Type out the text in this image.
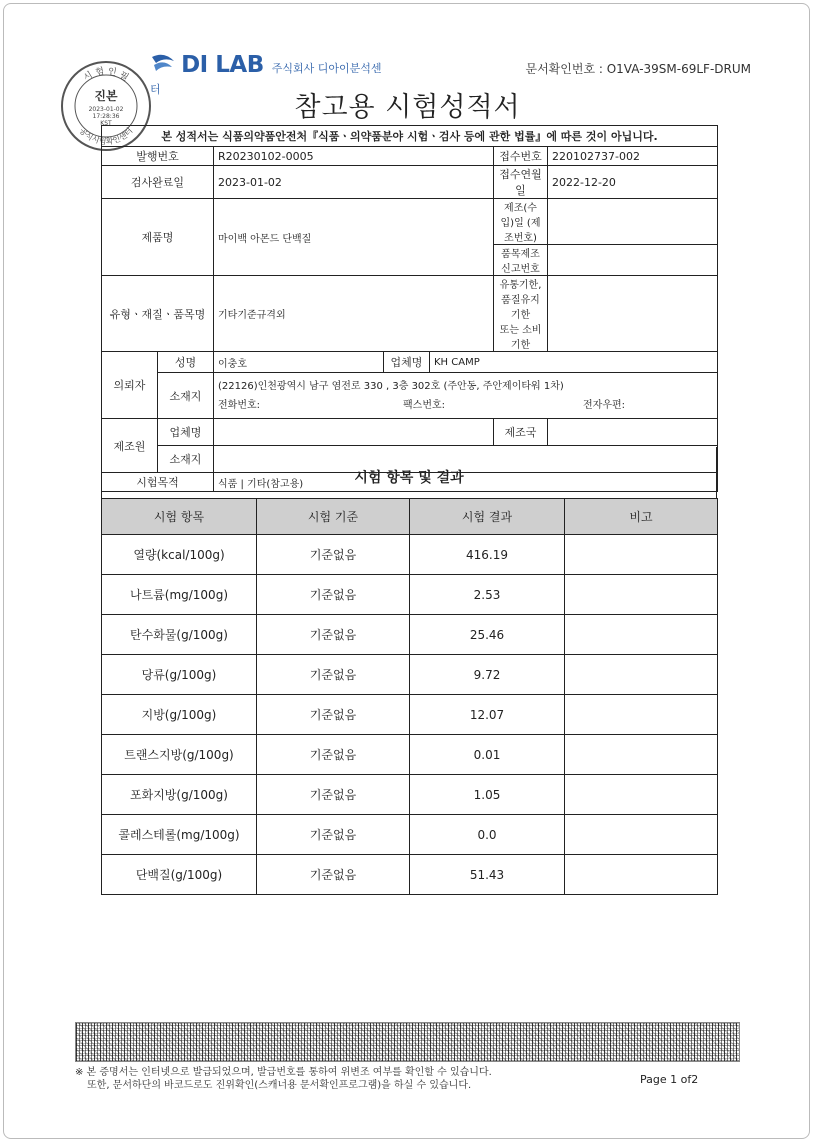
시 험 인 필
공식시험확인센터
진본
2023-01-02
17:28:36
KST
DI LAB 주식회사 디아이분석센터
문서확인번호 : O1VA-39SM-69LF-DRUM
참고용 시험성적서
본 성적서는 식품의약품안전처『식품ㆍ의약품분야 시험ㆍ검사 등에 관한 법률』에 따른 것이 아닙니다.						
발행번호		R20230102-0005			접수번호	220102737-002
검사완료일		2023-01-02			접수연월일	2022-12-20
제품명		마이백 아몬드 단백질			제조(수입)일 (제조번호)	
					품목제조신고번호	
유형ㆍ재질ㆍ품목명		기타기준규격외			유통기한, 품질유지기한
또는 소비기한	
의뢰자	성명	이충호	업체명	KH CAMP		
	소재지	(22126)인천광역시 남구 염전로 330 , 3층 302호 (주안동, 주안제이타워 1차)
전화번호: 팩스번호: 전자우편:				

제조원	업체명				제조국	
	소재지					
시험목적		식품 | 기타(참고용)					시험 항목 및 결과
시험 항목	시험 기준	시험 결과	비고
열량(kcal/100g)	기준없음	416.19	
나트륨(mg/100g)	기준없음	2.53	
탄수화물(g/100g)	기준없음	25.46	
당류(g/100g)	기준없음	9.72	
지방(g/100g)	기준없음	12.07	
트랜스지방(g/100g)	기준없음	0.01	
포화지방(g/100g)	기준없음	1.05	
콜레스테롤(mg/100g)	기준없음	0.0	
단백질(g/100g)	기준없음	51.43	
※ 본 증명서는 인터넷으로 발급되었으며, 발급번호를 통하여 위변조 여부를 확인할 수 있습니다.
또한, 문서하단의 바코드로도 진위확인(스캐너용 문서확인프로그램)을 하실 수 있습니다.	Page 1 of2
